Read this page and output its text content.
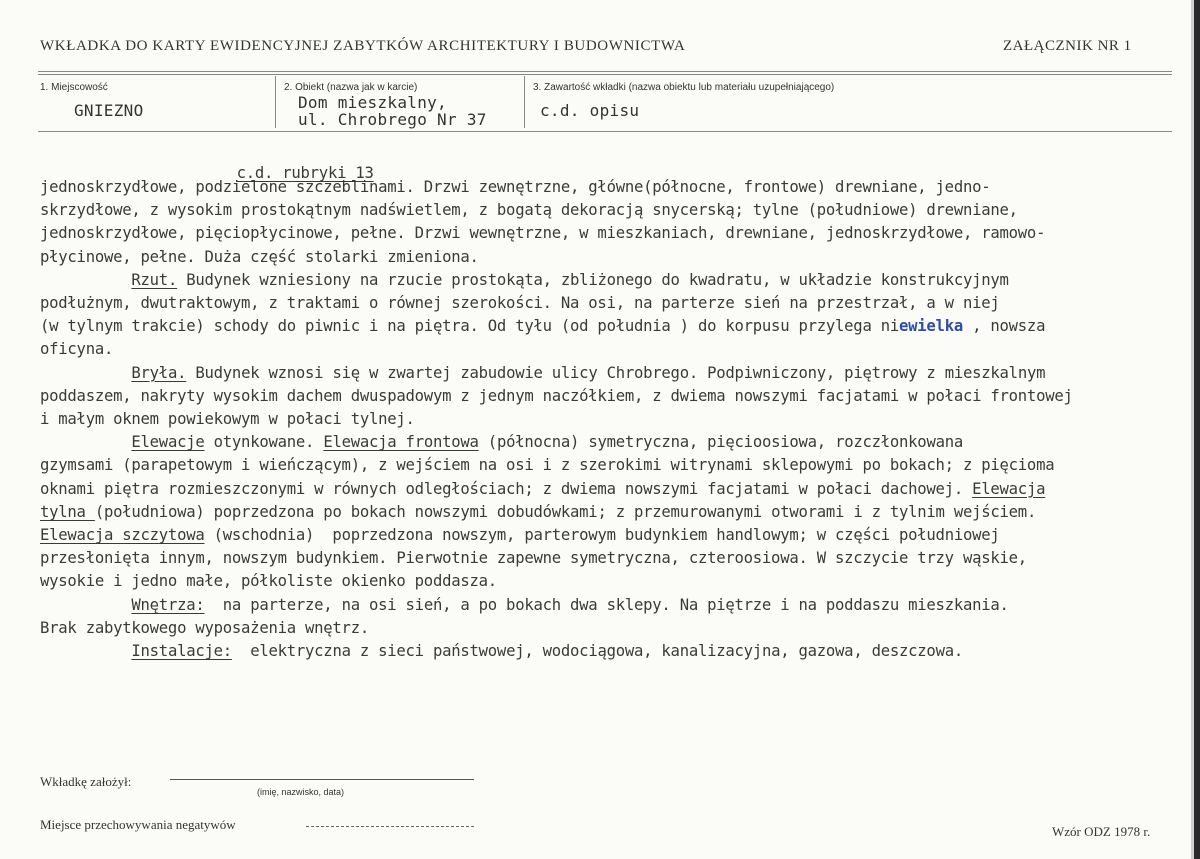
WKŁADKA DO KARTY EWIDENCYJNEJ ZABYTKÓW ARCHITEKTURY I BUDOWNICTWA	ZAŁĄCZNIK NR 1
1. Miejscowość
GNIEZNO
2. Obiekt (nazwa jak w karcie)
Dom mieszkalny,
ul. Chrobrego Nr 37
3. Zawartość wkładki (nazwa obiektu lub materiału uzupełniającego)
c.d. opisu

c.d. rubryki 13

jednoskrzydłowe, podzielone szczeblinami. Drzwi zewnętrzne, główne(północne, frontowe) drewniane, jedno-
skrzydłowe, z wysokim prostokątnym nadświetlem, z bogatą dekoracją snycerską; tylne (południowe) drewniane,
jednoskrzydłowe, pięciopłycinowe, pełne. Drzwi wewnętrzne, w mieszkaniach, drewniane, jednoskrzydłowe, ramowo-
płycinowe, pełne. Duża część stolarki zmieniona.
Rzut. Budynek wzniesiony na rzucie prostokąta, zbliżonego do kwadratu, w układzie konstrukcyjnym
podłużnym, dwutraktowym, z traktami o równej szerokości. Na osi, na parterze sień na przestrzał, a w niej
(w tylnym trakcie) schody do piwnic i na piętra. Od tyłu (od południa ) do korpusu przylega niewielka , nowsza
oficyna.
Bryła. Budynek wznosi się w zwartej zabudowie ulicy Chrobrego. Podpiwniczony, piętrowy z mieszkalnym
poddaszem, nakryty wysokim dachem dwuspadowym z jednym naczółkiem, z dwiema nowszymi facjatami w połaci frontowej
i małym oknem powiekowym w połaci tylnej.
Elewacje otynkowane. Elewacja frontowa (północna) symetryczna, pięcioosiowa, rozczłonkowana
gzymsami (parapetowym i wieńczącym), z wejściem na osi i z szerokimi witrynami sklepowymi po bokach; z pięcioma
oknami piętra rozmieszczonymi w równych odległościach; z dwiema nowszymi facjatami w połaci dachowej. Elewacja
tylna (południowa) poprzedzona po bokach nowszymi dobudówkami; z przemurowanymi otworami i z tylnim wejściem.
Elewacja szczytowa (wschodnia)  poprzedzona nowszym, parterowym budynkiem handlowym; w części południowej
przesłonięta innym, nowszym budynkiem. Pierwotnie zapewne symetryczna, czteroosiowa. W szczycie trzy wąskie,
wysokie i jedno małe, półkoliste okienko poddasza.
Wnętrza:  na parterze, na osi sień, a po bokach dwa sklepy. Na piętrze i na poddaszu mieszkania.
Brak zabytkowego wyposażenia wnętrz.
Instalacje:  elektryczna z sieci państwowej, wodociągowa, kanalizacyjna, gazowa, deszczowa.
Wkładkę założył:
(imię, nazwisko, data)
Miejsce przechowywania negatywów	Wzór ODZ 1978 r.
